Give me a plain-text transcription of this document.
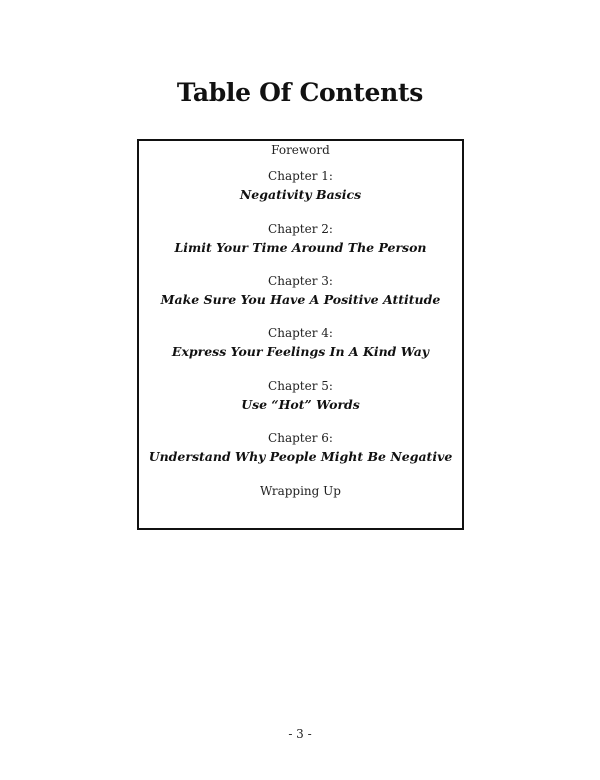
Table Of Contents
Foreword
Chapter 1:
Negativity Basics
Chapter 2:
Limit Your Time Around The Person
Chapter 3:
Make Sure You Have A Positive Attitude
Chapter 4:
Express Your Feelings In A Kind Way
Chapter 5:
Use “Hot” Words
Chapter 6:
Understand Why People Might Be Negative
Wrapping Up
- 3 -
